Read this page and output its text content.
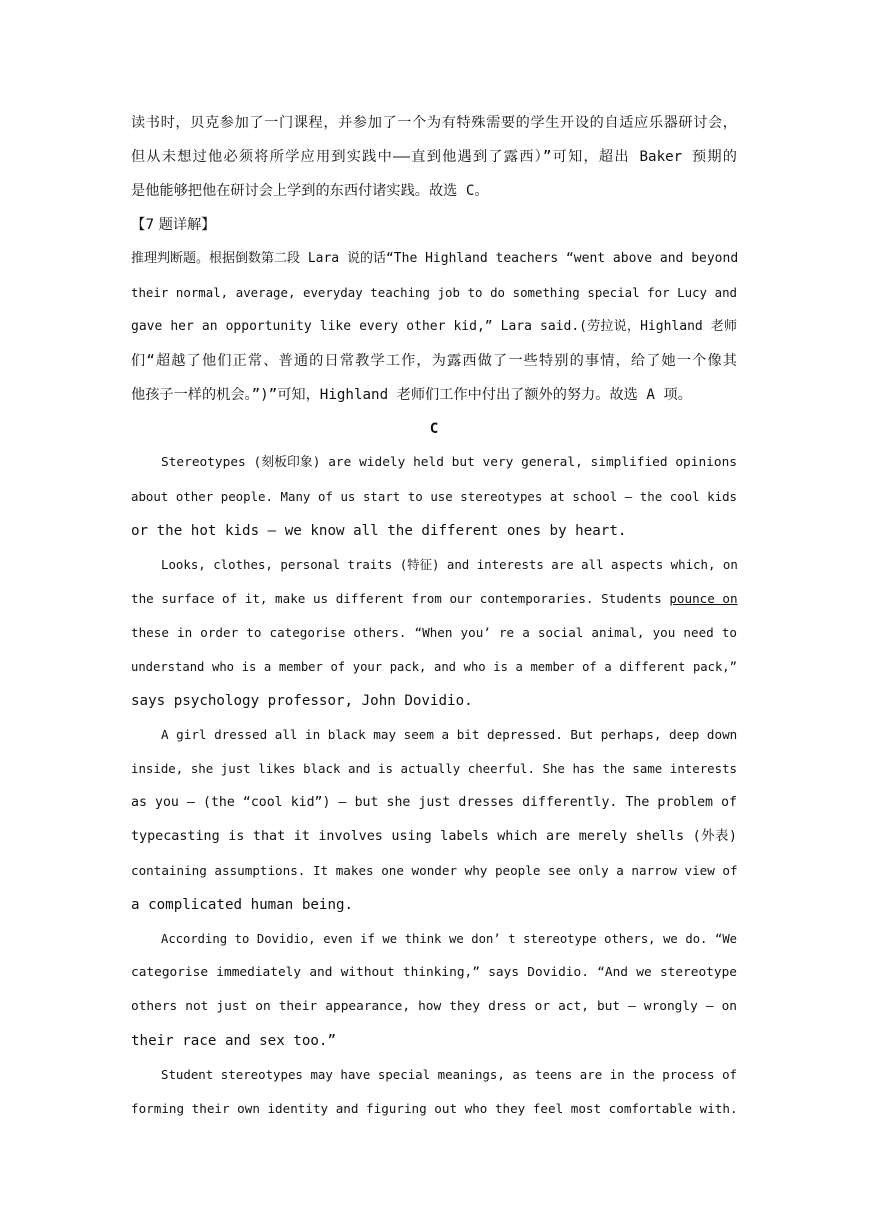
读书时，贝克参加了一门课程，并参加了一个为有特殊需要的学生开设的自适应乐器研讨会，
但从未想过他必须将所学应用到实践中——直到他遇到了露西）”可知，超出 Baker 预期的
是他能够把他在研讨会上学到的东西付诸实践。故选 C。
【7 题详解】
推理判断题。根据倒数第二段 Lara 说的话“The Highland teachers “went above and beyond
their normal, average, everyday teaching job to do something special for Lucy and
gave her an opportunity like every other kid,” Lara said.(劳拉说，Highland 老师
们“超越了他们正常、普通的日常教学工作，为露西做了一些特别的事情，给了她一个像其
他孩子一样的机会。”)”可知，Highland 老师们工作中付出了额外的努力。故选 A 项。
C
Stereotypes (刻板印象) are widely held but very general, simplified opinions
about other people. Many of us start to use stereotypes at school — the cool kids
or the hot kids — we know all the different ones by heart.
Looks, clothes, personal traits (特征) and interests are all aspects which, on
the surface of it, make us different from our contemporaries. Students pounce on
these in order to categorise others. “When you’ re a social animal, you need to
understand who is a member of your pack, and who is a member of a different pack,”
says psychology professor, John Dovidio.
A girl dressed all in black may seem a bit depressed. But perhaps, deep down
inside, she just likes black and is actually cheerful. She has the same interests
as you — (the “cool kid”) — but she just dresses differently. The problem of
typecasting is that it involves using labels which are merely shells (外表)
containing assumptions. It makes one wonder why people see only a narrow view of
a complicated human being.
According to Dovidio, even if we think we don’ t stereotype others, we do. “We
categorise immediately and without thinking,” says Dovidio. “And we stereotype
others not just on their appearance, how they dress or act, but — wrongly — on
their race and sex too.”
Student stereotypes may have special meanings, as teens are in the process of
forming their own identity and figuring out who they feel most comfortable with.
